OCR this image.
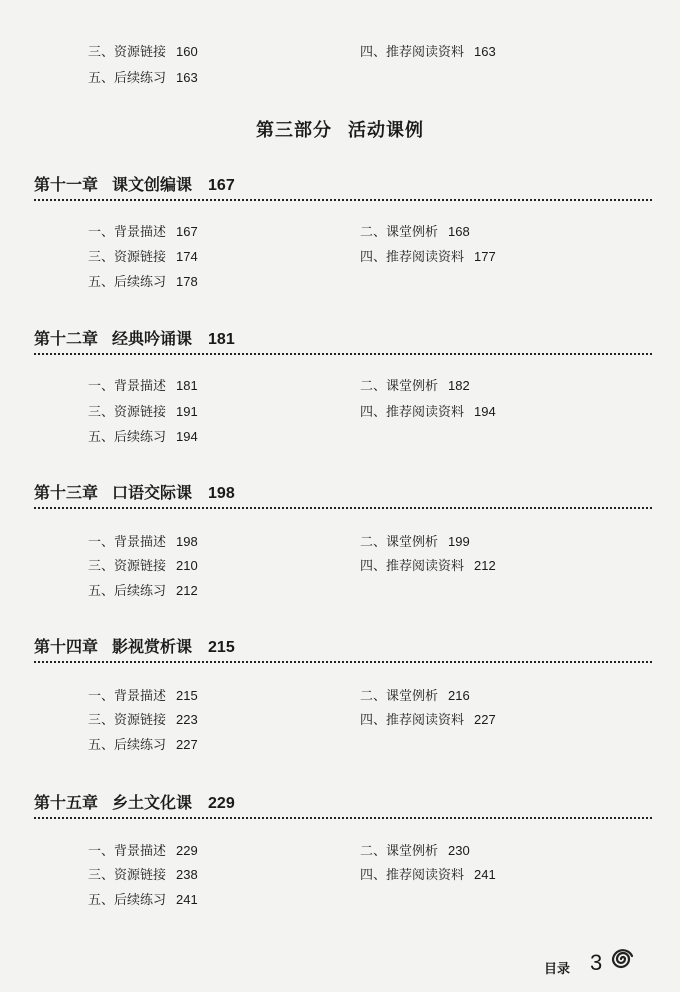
三、资源链接 160	四、推荐阅读资料 163
五、后续练习 163
第三部分 活动课例
第十一章 课文创编课 167
一、背景描述 167	二、课堂例析 168
三、资源链接 174	四、推荐阅读资料 177
五、后续练习 178
第十二章 经典吟诵课 181
一、背景描述 181	二、课堂例析 182
三、资源链接 191	四、推荐阅读资料 194
五、后续练习 194
第十三章 口语交际课 198
一、背景描述 198	二、课堂例析 199
三、资源链接 210	四、推荐阅读资料 212
五、后续练习 212
第十四章 影视赏析课 215
一、背景描述 215	二、课堂例析 216
三、资源链接 223	四、推荐阅读资料 227
五、后续练习 227
第十五章 乡土文化课 229
一、背景描述 229	二、课堂例析 230
三、资源链接 238	四、推荐阅读资料 241
五、后续练习 241
目录 3
